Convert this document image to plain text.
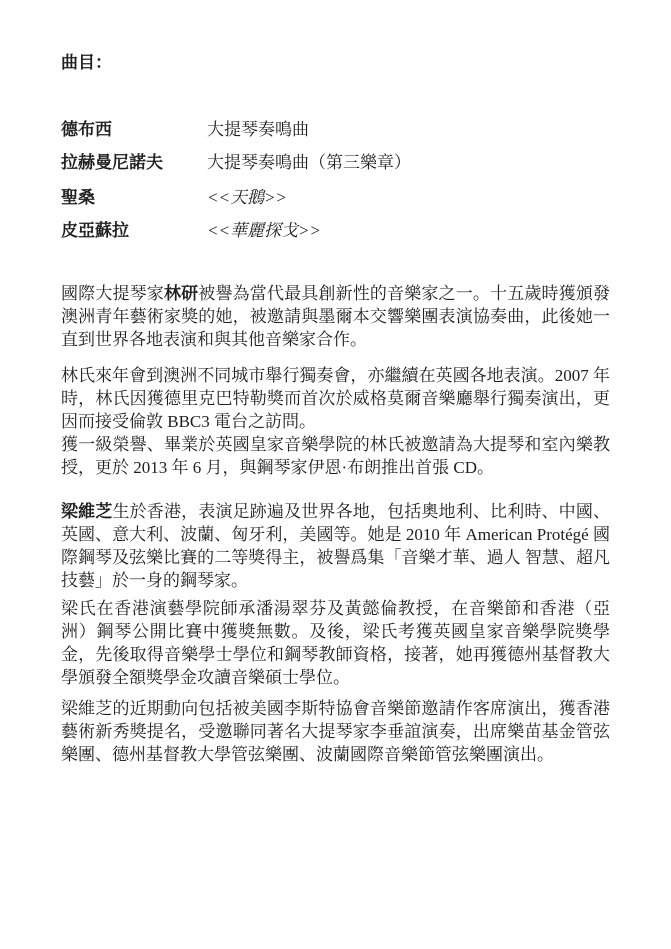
曲目：
德布西	大提琴奏鳴曲
拉赫曼尼諾夫	大提琴奏鳴曲（第三樂章）
聖桑	<<天鵝>>
皮亞蘇拉	<<華麗探戈>>

國際大提琴家林研被譽為當代最具創新性的音樂家之一。十五歲時獲頒發澳洲青年藝術家獎的她，被邀請與墨爾本交響樂團表演協奏曲，此後她一直到世界各地表演和與其他音樂家合作。

林氏來年會到澳洲不同城市舉行獨奏會，亦繼續在英國各地表演。2007 年時，林氏因獲德里克巴特勒獎而首次於威格莫爾音樂廳舉行獨奏演出，更因而接受倫敦 BBC3 電台之訪問。
獲一級榮譽、畢業於英國皇家音樂學院的林氏被邀請為大提琴和室內樂教授，更於 2013 年 6 月，與鋼琴家伊恩·布朗推出首張 CD。

梁維芝生於香港，表演足跡遍及世界各地，包括奧地利、比利時、中國、英國、意大利、波蘭、匈牙利，美國等。她是 2010 年 American Protégé 國際鋼琴及弦樂比賽的二等獎得主，被譽爲集「音樂才華、過人 智慧、超凡技藝」於一身的鋼琴家。

梁氏在香港演藝學院師承潘湯翠芬及黃懿倫教授，在音樂節和香港（亞洲）鋼琴公開比賽中獲獎無數。及後，梁氏考獲英國皇家音樂學院獎學金，先後取得音樂學士學位和鋼琴教師資格，接著，她再獲德州基督教大學頒發全額獎學金攻讀音樂碩士學位。

梁維芝的近期動向包括被美國李斯特協會音樂節邀請作客席演出，獲香港藝術新秀獎提名，受邀聯同著名大提琴家李垂誼演奏，出席樂苗基金管弦樂團、德州基督教大學管弦樂團、波蘭國際音樂節管弦樂團演出。
